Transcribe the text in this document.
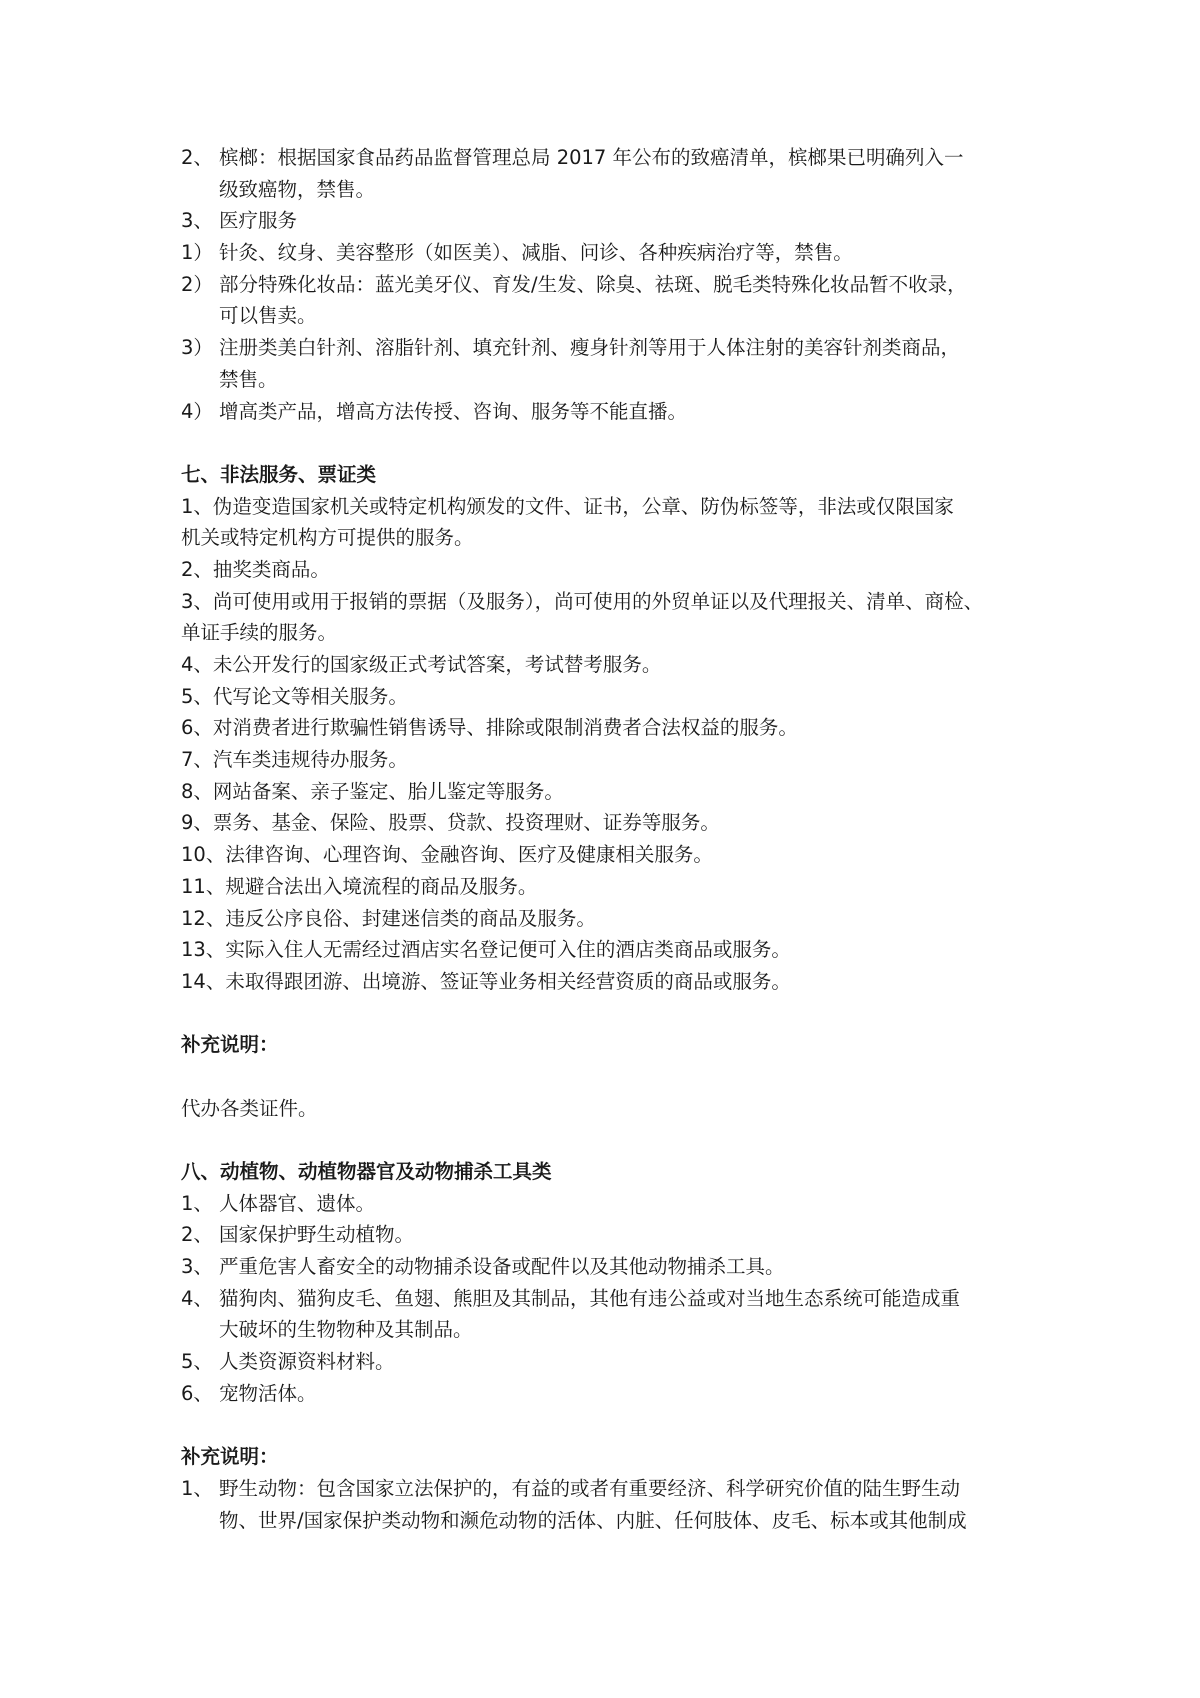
2、 槟榔：根据国家食品药品监督管理总局 2017 年公布的致癌清单，槟榔果已明确列入一
级致癌物，禁售。
3、 医疗服务
1） 针灸、纹身、美容整形（如医美）、减脂、问诊、各种疾病治疗等，禁售。
2） 部分特殊化妆品：蓝光美牙仪、育发/生发、除臭、祛斑、脱毛类特殊化妆品暂不收录，
可以售卖。
3） 注册类美白针剂、溶脂针剂、填充针剂、瘦身针剂等用于人体注射的美容针剂类商品，
禁售。
4） 增高类产品，增高方法传授、咨询、服务等不能直播。
七、非法服务、票证类
1、伪造变造国家机关或特定机构颁发的文件、证书，公章、防伪标签等，非法或仅限国家
机关或特定机构方可提供的服务。
2、抽奖类商品。
3、尚可使用或用于报销的票据（及服务），尚可使用的外贸单证以及代理报关、清单、商检、
单证手续的服务。
4、未公开发行的国家级正式考试答案，考试替考服务。
5、代写论文等相关服务。
6、对消费者进行欺骗性销售诱导、排除或限制消费者合法权益的服务。
7、汽车类违规待办服务。
8、网站备案、亲子鉴定、胎儿鉴定等服务。
9、票务、基金、保险、股票、贷款、投资理财、证券等服务。
10、法律咨询、心理咨询、金融咨询、医疗及健康相关服务。
11、规避合法出入境流程的商品及服务。
12、违反公序良俗、封建迷信类的商品及服务。
13、实际入住人无需经过酒店实名登记便可入住的酒店类商品或服务。
14、未取得跟团游、出境游、签证等业务相关经营资质的商品或服务。
补充说明：
代办各类证件。
八、动植物、动植物器官及动物捕杀工具类
1、 人体器官、遗体。
2、 国家保护野生动植物。
3、 严重危害人畜安全的动物捕杀设备或配件以及其他动物捕杀工具。
4、 猫狗肉、猫狗皮毛、鱼翅、熊胆及其制品，其他有违公益或对当地生态系统可能造成重
大破坏的生物物种及其制品。
5、 人类资源资料材料。
6、 宠物活体。
补充说明：
1、 野生动物：包含国家立法保护的，有益的或者有重要经济、科学研究价值的陆生野生动
物、世界/国家保护类动物和濒危动物的活体、内脏、任何肢体、皮毛、标本或其他制成
